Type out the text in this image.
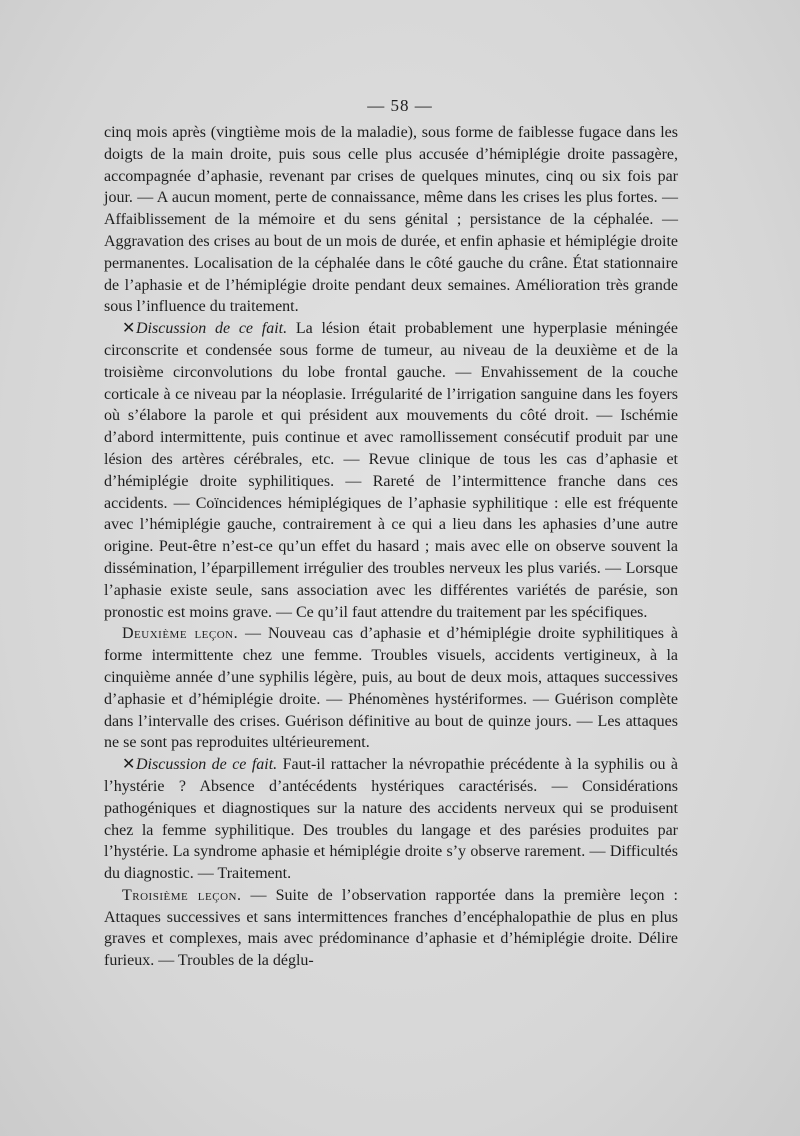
— 58 —

cinq mois après (vingtième mois de la maladie), sous forme de faiblesse fugace dans les doigts de la main droite, puis sous celle plus accusée d’hémiplégie droite passagère, accompagnée d’aphasie, revenant par crises de quelques minutes, cinq ou six fois par jour. — A aucun moment, perte de connaissance, même dans les crises les plus fortes. — Affaiblissement de la mémoire et du sens génital ; persistance de la céphalée. — Aggravation des crises au bout de un mois de durée, et enfin aphasie et hémiplégie droite permanentes. Localisation de la céphalée dans le côté gauche du crâne. État stationnaire de l’aphasie et de l’hémiplégie droite pendant deux semaines. Amélioration très grande sous l’influence du traitement.

✕Discussion de ce fait. La lésion était probablement une hyperplasie méningée circonscrite et condensée sous forme de tumeur, au niveau de la deuxième et de la troisième circonvolutions du lobe frontal gauche. — Envahissement de la couche corticale à ce niveau par la néoplasie. Irrégularité de l’irrigation sanguine dans les foyers où s’élabore la parole et qui président aux mouvements du côté droit. — Ischémie d’abord intermittente, puis continue et avec ramollissement consécutif produit par une lésion des artères cérébrales, etc. — Revue clinique de tous les cas d’aphasie et d’hémiplégie droite syphilitiques. — Rareté de l’intermittence franche dans ces accidents. — Coïncidences hémiplégiques de l’aphasie syphilitique : elle est fréquente avec l’hémiplégie gauche, contrairement à ce qui a lieu dans les aphasies d’une autre origine. Peut-être n’est-ce qu’un effet du hasard ; mais avec elle on observe souvent la dissémination, l’éparpillement irrégulier des troubles nerveux les plus variés. — Lorsque l’aphasie existe seule, sans association avec les différentes variétés de parésie, son pronostic est moins grave. — Ce qu’il faut attendre du traitement par les spécifiques.

Deuxième leçon. — Nouveau cas d’aphasie et d’hémiplégie droite syphilitiques à forme intermittente chez une femme. Troubles visuels, accidents vertigineux, à la cinquième année d’une syphilis légère, puis, au bout de deux mois, attaques successives d’aphasie et d’hémiplégie droite. — Phénomènes hystériformes. — Guérison complète dans l’intervalle des crises. Guérison définitive au bout de quinze jours. — Les attaques ne se sont pas reproduites ultérieurement.

✕Discussion de ce fait. Faut-il rattacher la névropathie précédente à la syphilis ou à l’hystérie ? Absence d’antécédents hystériques caractérisés. — Considérations pathogéniques et diagnostiques sur la nature des accidents nerveux qui se produisent chez la femme syphilitique. Des troubles du langage et des parésies produites par l’hystérie. La syndrome aphasie et hémiplégie droite s’y observe rarement. — Difficultés du diagnostic. — Traitement.

Troisième leçon. — Suite de l’observation rapportée dans la première leçon : Attaques successives et sans intermittences franches d’encéphalopathie de plus en plus graves et complexes, mais avec prédominance d’aphasie et d’hémiplégie droite. Délire furieux. — Troubles de la déglu-
